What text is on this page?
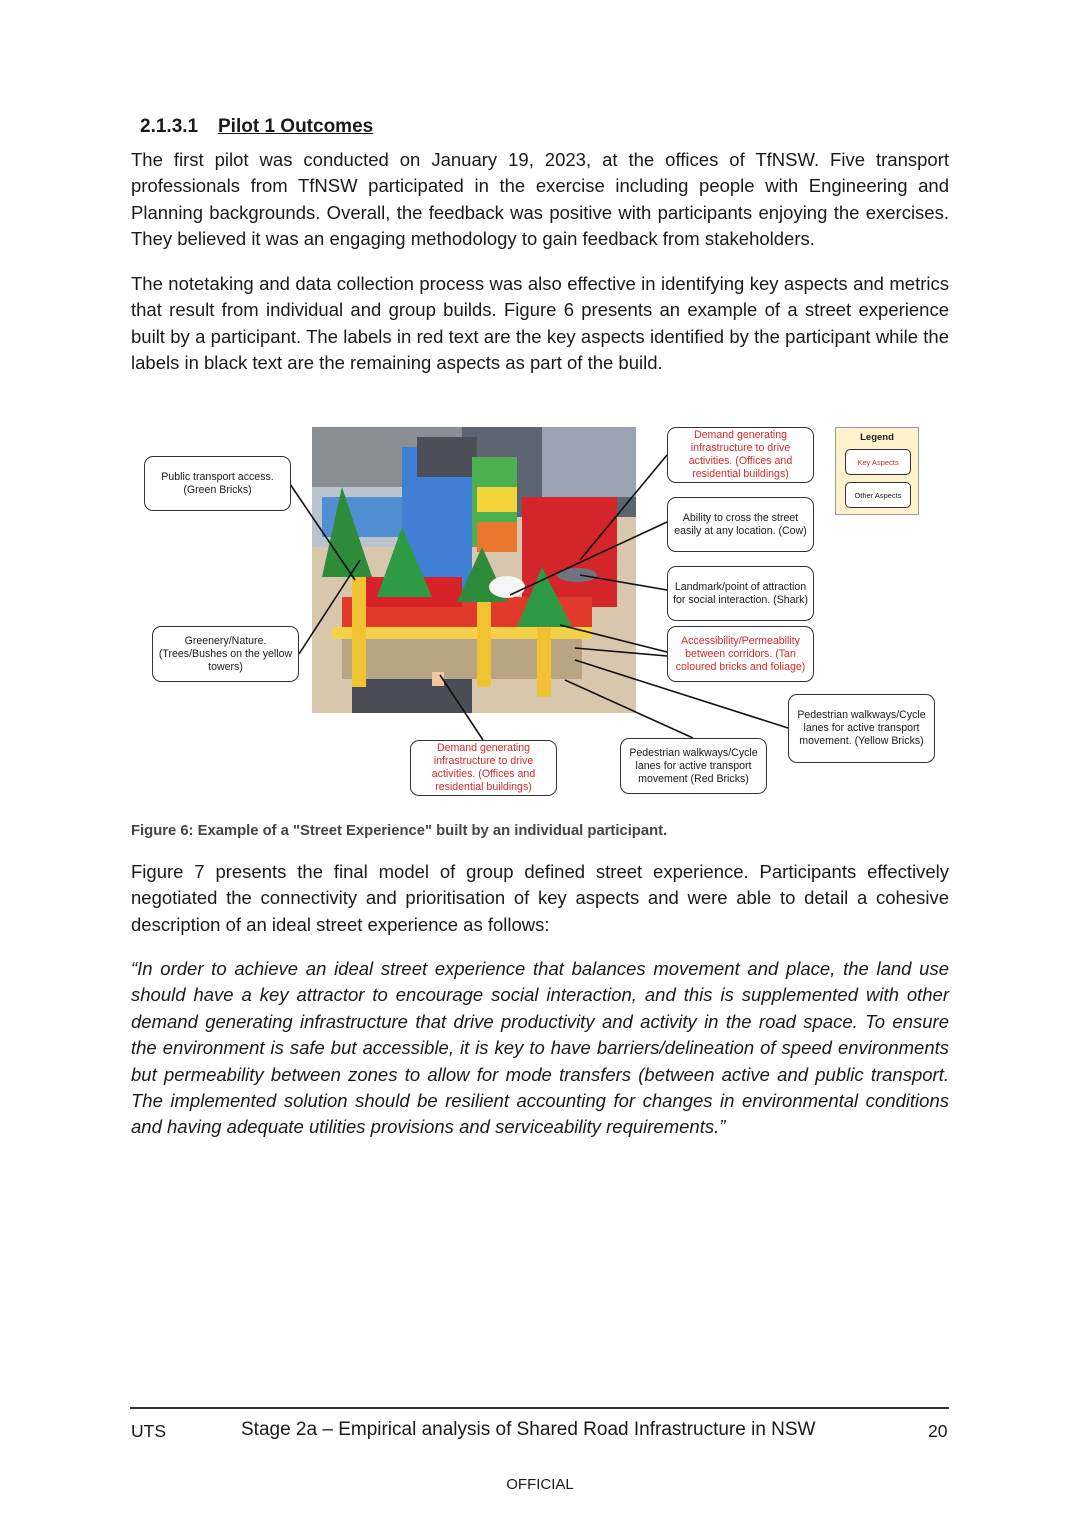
2.1.3.1 Pilot 1 Outcomes

The first pilot was conducted on January 19, 2023, at the offices of TfNSW. Five transport professionals from TfNSW participated in the exercise including people with Engineering and Planning backgrounds. Overall, the feedback was positive with participants enjoying the exercises. They believed it was an engaging methodology to gain feedback from stakeholders.

The notetaking and data collection process was also effective in identifying key aspects and metrics that result from individual and group builds. Figure 6 presents an example of a street experience built by a participant. The labels in red text are the key aspects identified by the participant while the labels in black text are the remaining aspects as part of the build.

Public transport access. (Green Bricks)
Greenery/Nature. (Trees/Bushes on the yellow towers)
Demand generating infrastructure to drive activities. (Offices and residential buildings)
Ability to cross the street easily at any location. (Cow)
Landmark/point of attraction for social interaction. (Shark)
Accessibility/Permeability between corridors. (Tan coloured bricks and foliage)
Pedestrian walkways/Cycle lanes for active transport movement. (Yellow Bricks)
Pedestrian walkways/Cycle lanes for active transport movement (Red Bricks)
Demand generating infrastructure to drive activities. (Offices and residential buildings)
Legend
Key Aspects
Other Aspects
Figure 6: Example of a "Street Experience" built by an individual participant.

Figure 7 presents the final model of group defined street experience. Participants effectively negotiated the connectivity and prioritisation of key aspects and were able to detail a cohesive description of an ideal street experience as follows:

“In order to achieve an ideal street experience that balances movement and place, the land use should have a key attractor to encourage social interaction, and this is supplemented with other demand generating infrastructure that drive productivity and activity in the road space. To ensure the environment is safe but accessible, it is key to have barriers/delineation of speed environments but permeability between zones to allow for mode transfers (between active and public transport. The implemented solution should be resilient accounting for changes in environmental conditions and having adequate utilities provisions and serviceability requirements.”

UTS	Stage 2a – Empirical analysis of Shared Road Infrastructure in NSW	20
OFFICIAL
